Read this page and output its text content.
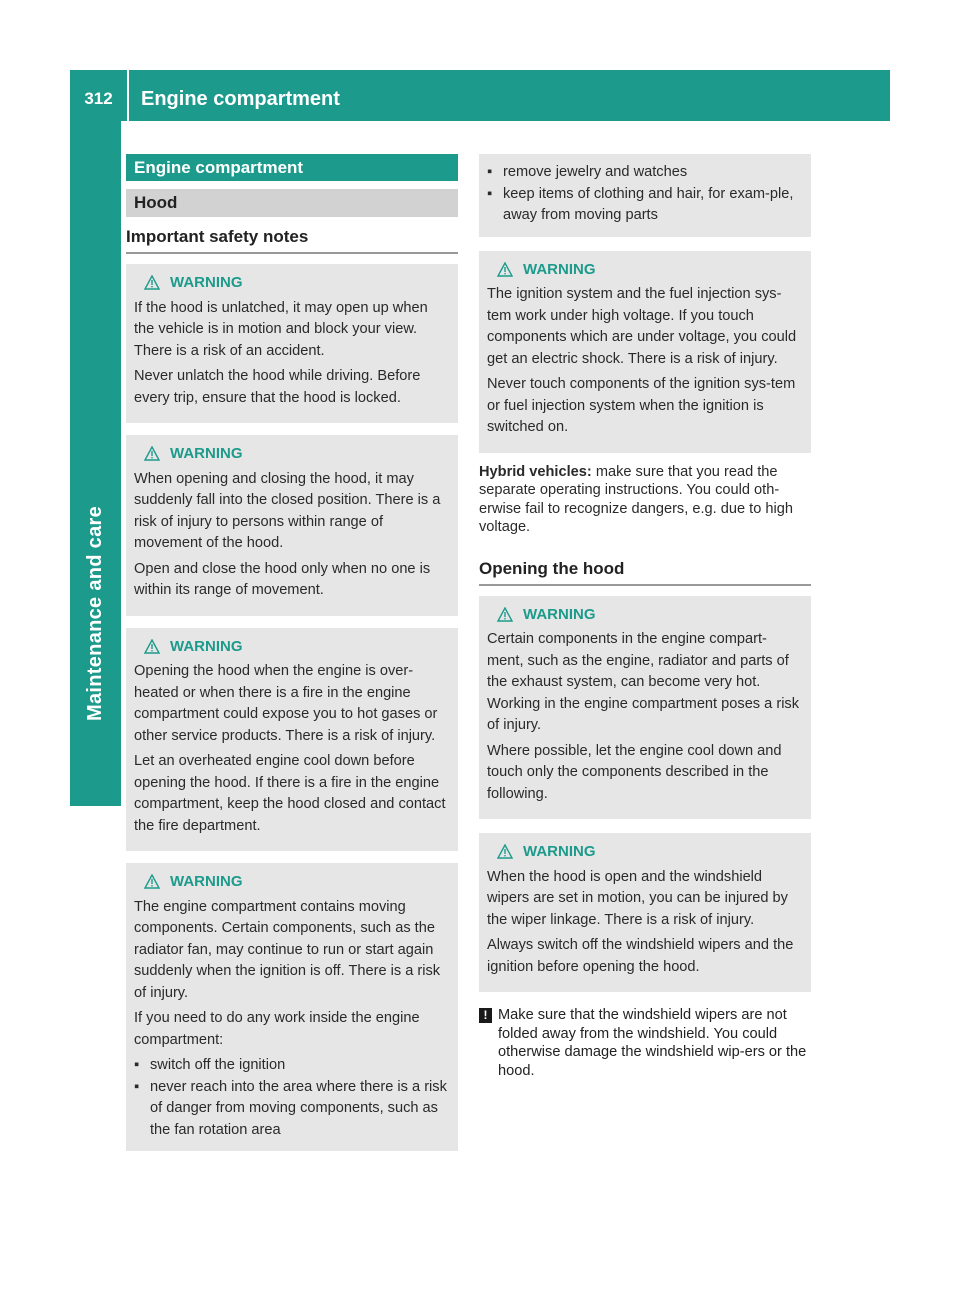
312	Engine compartment
Maintenance and care
Engine compartment
Hood
Important safety notes
WARNING

If the hood is unlatched, it may open up when the vehicle is in motion and block your view. There is a risk of an accident.

Never unlatch the hood while driving. Before every trip, ensure that the hood is locked.

WARNING

When opening and closing the hood, it may suddenly fall into the closed position. There is a risk of injury to persons within range of movement of the hood.

Open and close the hood only when no one is within its range of movement.

WARNING

Opening the hood when the engine is over-heated or when there is a fire in the engine compartment could expose you to hot gases or other service products. There is a risk of injury.

Let an overheated engine cool down before opening the hood. If there is a fire in the engine compartment, keep the hood closed and contact the fire department.

WARNING

The engine compartment contains moving components. Certain components, such as the radiator fan, may continue to run or start again suddenly when the ignition is off. There is a risk of injury.

If you need to do any work inside the engine compartment:

▪ switch off the ignition
▪ never reach into the area where there is a risk of danger from moving components, such as the fan rotation area
▪ remove jewelry and watches
▪ keep items of clothing and hair, for exam-ple, away from moving parts
WARNING

The ignition system and the fuel injection sys-tem work under high voltage. If you touch components which are under voltage, you could get an electric shock. There is a risk of injury.

Never touch components of the ignition sys-tem or fuel injection system when the ignition is switched on.

Hybrid vehicles: make sure that you read the separate operating instructions. You could oth-erwise fail to recognize dangers, e.g. due to high voltage.
Opening the hood
WARNING

Certain components in the engine compart-ment, such as the engine, radiator and parts of the exhaust system, can become very hot. Working in the engine compartment poses a risk of injury.

Where possible, let the engine cool down and touch only the components described in the following.

WARNING

When the hood is open and the windshield wipers are set in motion, you can be injured by the wiper linkage. There is a risk of injury.

Always switch off the windshield wipers and the ignition before opening the hood.

! Make sure that the windshield wipers are not folded away from the windshield. You could otherwise damage the windshield wip-ers or the hood.
